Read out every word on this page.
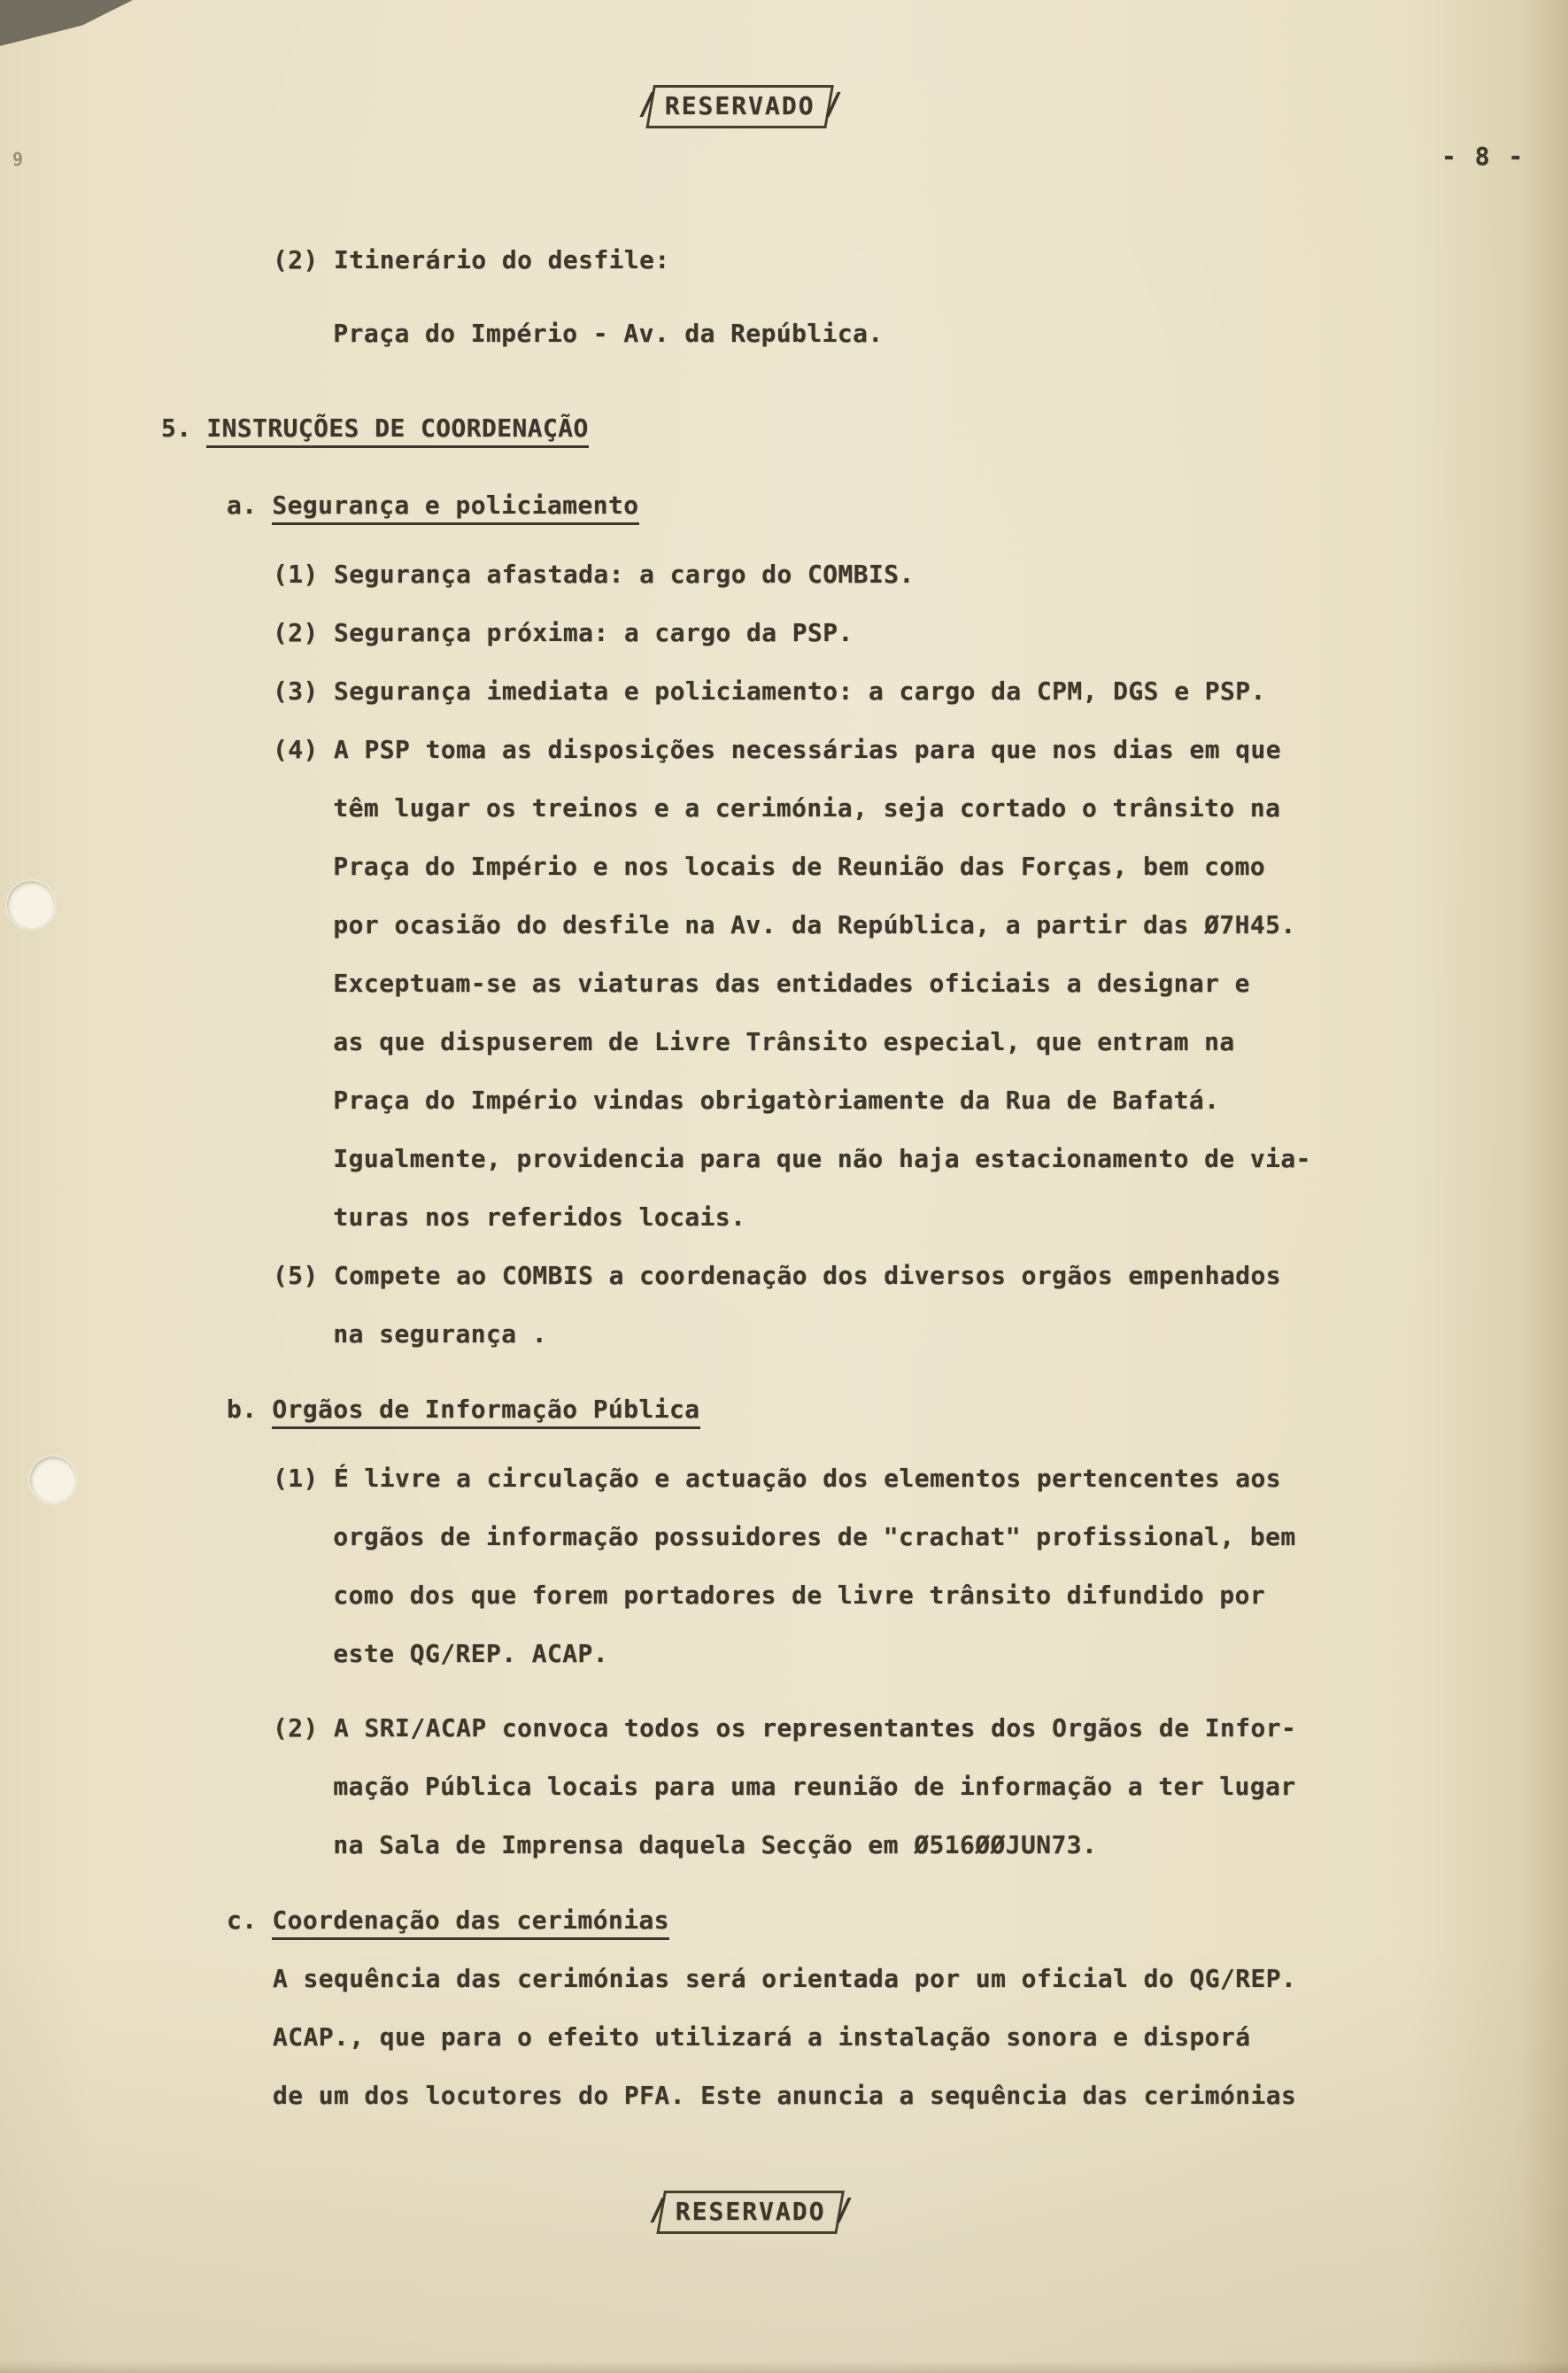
9
/ RESERVADO /
- 8 -
(2) Itinerário do desfile:
Praça do Império - Av. da República.
5. INSTRUÇÕES DE COORDENAÇÃO
a. Segurança e policiamento
(1) Segurança afastada: a cargo do COMBIS.
(2) Segurança próxima: a cargo da PSP.
(3) Segurança imediata e policiamento: a cargo da CPM, DGS e PSP.
(4) A PSP toma as disposições necessárias para que nos dias em que
têm lugar os treinos e a cerimónia, seja cortado o trânsito na
Praça do Império e nos locais de Reunião das Forças, bem como
por ocasião do desfile na Av. da República, a partir das Ø7H45.
Exceptuam-se as viaturas das entidades oficiais a designar e
as que dispuserem de Livre Trânsito especial, que entram na
Praça do Império vindas obrigatòriamente da Rua de Bafatá.
Igualmente, providencia para que não haja estacionamento de via-
turas nos referidos locais.
(5) Compete ao COMBIS a coordenação dos diversos orgãos empenhados
na segurança .
b. Orgãos de Informação Pública
(1) É livre a circulação e actuação dos elementos pertencentes aos
orgãos de informação possuidores de "crachat" profissional, bem
como dos que forem portadores de livre trânsito difundido por
este QG/REP. ACAP.
(2) A SRI/ACAP convoca todos os representantes dos Orgãos de Infor-
mação Pública locais para uma reunião de informação a ter lugar
na Sala de Imprensa daquela Secção em Ø516ØØJUN73.
c. Coordenação das cerimónias
A sequência das cerimónias será orientada por um oficial do QG/REP.
ACAP., que para o efeito utilizará a instalação sonora e disporá
de um dos locutores do PFA. Este anuncia a sequência das cerimónias
/ RESERVADO /
